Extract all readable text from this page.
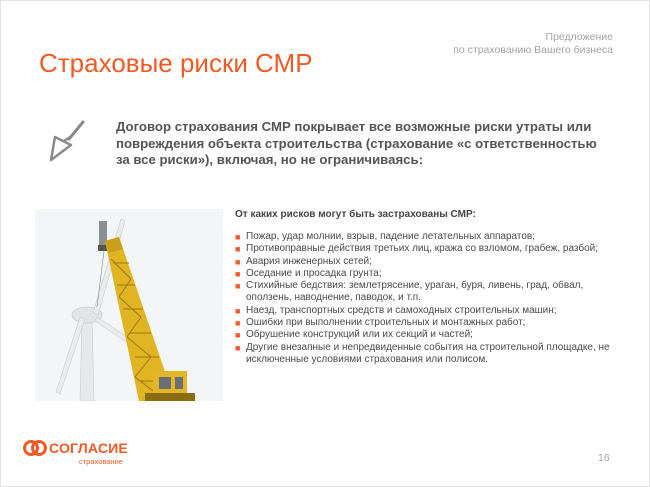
Предложение
по страхованию Вашего бизнеса
Страховые риски СМР
Договор страхования СМР покрывает все возможные риски утраты или повреждения объекта строительства (страхование «с ответственностью за все риски»), включая, но не ограничиваясь:
От каких рисков могут быть застрахованы СМР:
■ Пожар, удар молнии, взрыв, падение летательных аппаратов;
■ Противоправные действия третьих лиц, кража со взломом, грабеж, разбой;
■ Авария инженерных сетей;
■ Оседание и просадка грунта;
■ Стихийные бедствия: землетрясение, ураган, буря, ливень, град, обвал, оползень, наводнение, паводок, и т.п.
■ Наезд, транспортных средств и самоходных строительных машин;
■ Ошибки при выполнении строительных и монтажных работ;
■ Обрушение конструкций или их секций и частей;
■ Другие внезапные и непредвиденные события на строительной площадке, не исключенные условиями страхования или полисом.
СОГЛАСИЕ
страхование	16
